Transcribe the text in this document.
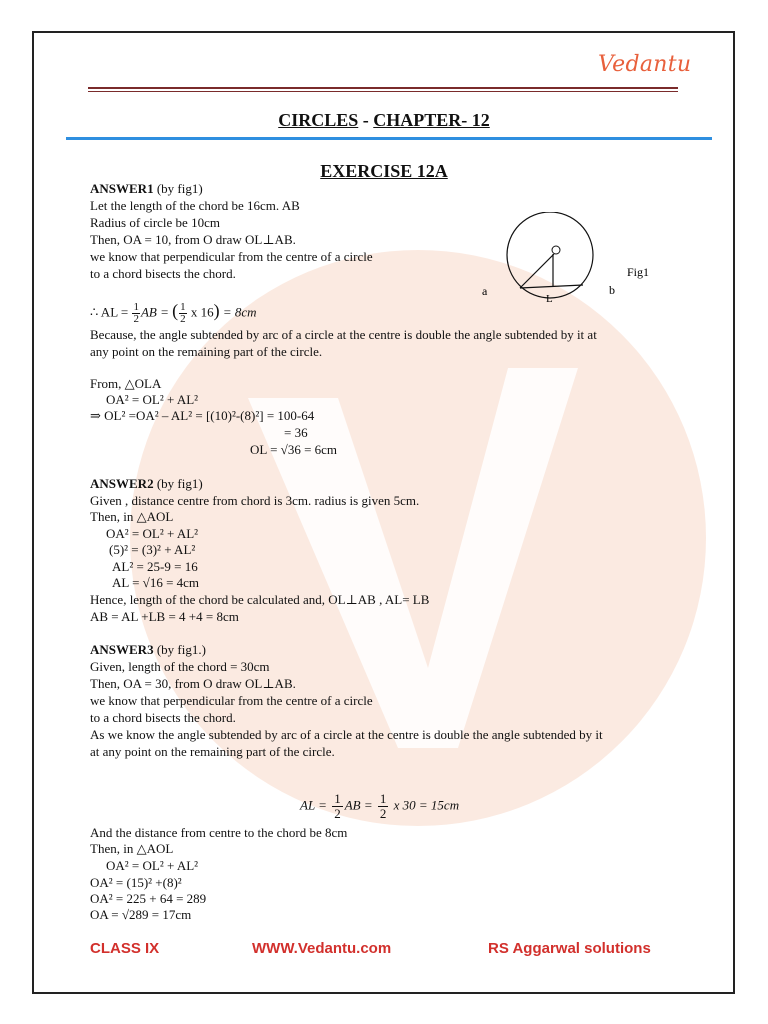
Vedantu
CIRCLES - CHAPTER- 12
EXERCISE 12A
a
L
b
Fig1
ANSWER1 (by fig1)
Let the length of the chord be 16cm. AB
Radius of circle be 10cm
Then, OA = 10, from O draw OL⊥AB.
we know that perpendicular from the centre of a circle
to a chord bisects the chord.
∴ AL = $\frac{1}{2}$ AB = ( $\frac{1}{2}$ x 16) = 8cm
Because, the angle subtended by arc of a circle at the centre is double the angle subtended by it at
any point on the remaining part of the circle.
From, △OLA
OA² = OL² + AL²
⇒ OL² =OA² – AL² = [(10)²-(8)²] = 100-64
= 36
OL = √36 = 6cm
ANSWER2 (by fig1)
Given , distance centre from chord is 3cm. radius is given 5cm.
Then, in △AOL
OA² = OL² + AL²
(5)² = (3)² + AL²
AL² = 25-9 = 16
AL = √16 = 4cm
Hence, length of the chord be calculated and, OL⊥AB , AL= LB
AB = AL +LB = 4 +4 = 8cm
ANSWER3 (by fig1.)
Given, length of the chord = 30cm
Then, OA = 30, from O draw OL⊥AB.
we know that perpendicular from the centre of a circle
to a chord bisects the chord.
As we know the angle subtended by arc of a circle at the centre is double the angle subtended by it
at any point on the remaining part of the circle.
AL = $\frac{1}{2}$ AB = $\frac{1}{2}$ x 30 = 15cm
And the distance from centre to the chord be 8cm
Then, in △AOL
OA² = OL² + AL²
OA² = (15)² +(8)²
OA² = 225 + 64 = 289
OA = √289 = 17cm
CLASS IX	WWW.Vedantu.com	RS Aggarwal solutions
